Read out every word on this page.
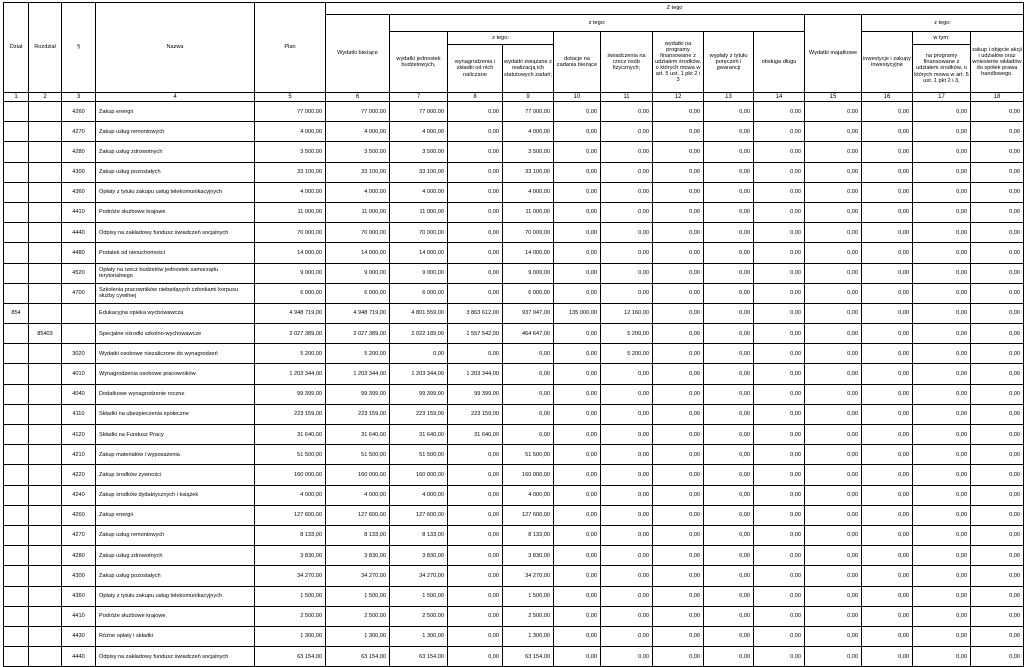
Dział	Rozdział	§	Nazwa	Plan	Z tego												
					Wydatki bieżące	z tego:								Wydatki majątkowe	z tego:		
						wydatki jednostek budżetowych,	z tego:		dotacje na zadania bieżące	świadczenia na rzecz osób fizycznych;	wydatki na programy finansowane z udziałem środków, o których mowa w art. 5 ust. 1 pkt 2 i 3	wypłaty z tytułu poręczeń i gwarancji	obsługa długu		inwestycje i zakupy inwestycyjne	w tym:	zakup i objęcie akcji i udziałów oraz wniesienie wkładów do spółek prawa handlowego.
							wynagrodzenia i składki od nich naliczane	wydatki związane z realizacją ich statutowych zadań;								na programy finansowane z udziałem środków, o których mowa w art. 5 ust. 1 pkt 2 i 3,	

1	2	3	4	5	6	7	8	9	10	11	12	13	14	15	16	17	18
		4260	Zakup energii	77 000,00	77 000,00	77 000,00	0,00	77 000,00	0,00	0,00	0,00	0,00	0,00	0,00	0,00	0,00	0,00
		4270	Zakup usług remontowych	4 000,00	4 000,00	4 000,00	0,00	4 000,00	0,00	0,00	0,00	0,00	0,00	0,00	0,00	0,00	0,00
		4280	Zakup usług zdrowotnych	3 500,00	3 500,00	3 500,00	0,00	3 500,00	0,00	0,00	0,00	0,00	0,00	0,00	0,00	0,00	0,00
		4300	Zakup usług pozostałych	33 100,00	33 100,00	33 100,00	0,00	33 100,00	0,00	0,00	0,00	0,00	0,00	0,00	0,00	0,00	0,00
		4360	Opłaty z tytułu zakupu usług telekomunikacyjnych	4 000,00	4 000,00	4 000,00	0,00	4 000,00	0,00	0,00	0,00	0,00	0,00	0,00	0,00	0,00	0,00
		4410	Podróże służbowe krajowe	11 000,00	11 000,00	11 000,00	0,00	11 000,00	0,00	0,00	0,00	0,00	0,00	0,00	0,00	0,00	0,00
		4440	Odpisy na zakładowy fundusz świadczeń socjalnych	70 000,00	70 000,00	70 000,00	0,00	70 000,00	0,00	0,00	0,00	0,00	0,00	0,00	0,00	0,00	0,00
		4480	Podatek od nieruchomości	14 000,00	14 000,00	14 000,00	0,00	14 000,00	0,00	0,00	0,00	0,00	0,00	0,00	0,00	0,00	0,00
		4520	Opłaty na rzecz budżetów jednostek samorządu terytorialnego	9 000,00	9 000,00	9 000,00	0,00	9 000,00	0,00	0,00	0,00	0,00	0,00	0,00	0,00	0,00	0,00
		4700	Szkolenia pracowników niebędących członkami korpusu służby cywilnej	6 000,00	6 000,00	6 000,00	0,00	6 000,00	0,00	0,00	0,00	0,00	0,00	0,00	0,00	0,00	0,00
854			Edukacyjna opieka wychowawcza	4 948 719,00	4 948 719,00	4 801 559,00	3 863 612,00	937 947,00	135 000,00	12 160,00	0,00	0,00	0,00	0,00	0,00	0,00	0,00
	85403		Specjalne ośrodki szkolno-wychowawcze	2 027 389,00	2 027 389,00	2 022 189,00	1 557 542,00	464 647,00	0,00	5 200,00	0,00	0,00	0,00	0,00	0,00	0,00	0,00
		3020	Wydatki osobowe niezaliczone do wynagrodzeń	5 200,00	5 200,00	0,00	0,00	0,00	0,00	5 200,00	0,00	0,00	0,00	0,00	0,00	0,00	0,00
		4010	Wynagrodzenia osobowe pracowników	1 203 344,00	1 203 344,00	1 203 344,00	1 203 344,00	0,00	0,00	0,00	0,00	0,00	0,00	0,00	0,00	0,00	0,00
		4040	Dodatkowe wynagrodzenie roczne	99 399,00	99 399,00	99 399,00	99 399,00	0,00	0,00	0,00	0,00	0,00	0,00	0,00	0,00	0,00	0,00
		4110	Składki na ubezpieczenia społeczne	223 159,00	223 159,00	223 159,00	223 159,00	0,00	0,00	0,00	0,00	0,00	0,00	0,00	0,00	0,00	0,00
		4120	Składki na Fundusz Pracy	31 640,00	31 640,00	31 640,00	31 640,00	0,00	0,00	0,00	0,00	0,00	0,00	0,00	0,00	0,00	0,00
		4210	Zakup materiałów i wyposażenia	51 500,00	51 500,00	51 500,00	0,00	51 500,00	0,00	0,00	0,00	0,00	0,00	0,00	0,00	0,00	0,00
		4220	Zakup środków żywności	160 000,00	160 000,00	160 000,00	0,00	160 000,00	0,00	0,00	0,00	0,00	0,00	0,00	0,00	0,00	0,00
		4240	Zakup środków dydaktycznych i książek	4 000,00	4 000,00	4 000,00	0,00	4 000,00	0,00	0,00	0,00	0,00	0,00	0,00	0,00	0,00	0,00
		4260	Zakup energii	127 600,00	127 600,00	127 600,00	0,00	127 600,00	0,00	0,00	0,00	0,00	0,00	0,00	0,00	0,00	0,00
		4270	Zakup usług remontowych	8 133,00	8 133,00	8 133,00	0,00	8 133,00	0,00	0,00	0,00	0,00	0,00	0,00	0,00	0,00	0,00
		4280	Zakup usług zdrowotnych	3 830,00	3 830,00	3 830,00	0,00	3 830,00	0,00	0,00	0,00	0,00	0,00	0,00	0,00	0,00	0,00
		4300	Zakup usług pozostałych	34 270,00	34 270,00	34 270,00	0,00	34 270,00	0,00	0,00	0,00	0,00	0,00	0,00	0,00	0,00	0,00
		4360	Opłaty z tytułu zakupu usług telekomunikacyjnych	1 500,00	1 500,00	1 500,00	0,00	1 500,00	0,00	0,00	0,00	0,00	0,00	0,00	0,00	0,00	0,00
		4410	Podróże służbowe krajowe	2 500,00	2 500,00	2 500,00	0,00	2 500,00	0,00	0,00	0,00	0,00	0,00	0,00	0,00	0,00	0,00
		4430	Różne opłaty i składki	1 300,00	1 300,00	1 300,00	0,00	1 300,00	0,00	0,00	0,00	0,00	0,00	0,00	0,00	0,00	0,00
		4440	Odpisy na zakładowy fundusz świadczeń socjalnych	63 154,00	63 154,00	63 154,00	0,00	63 154,00	0,00	0,00	0,00	0,00	0,00	0,00	0,00	0,00	0,00
